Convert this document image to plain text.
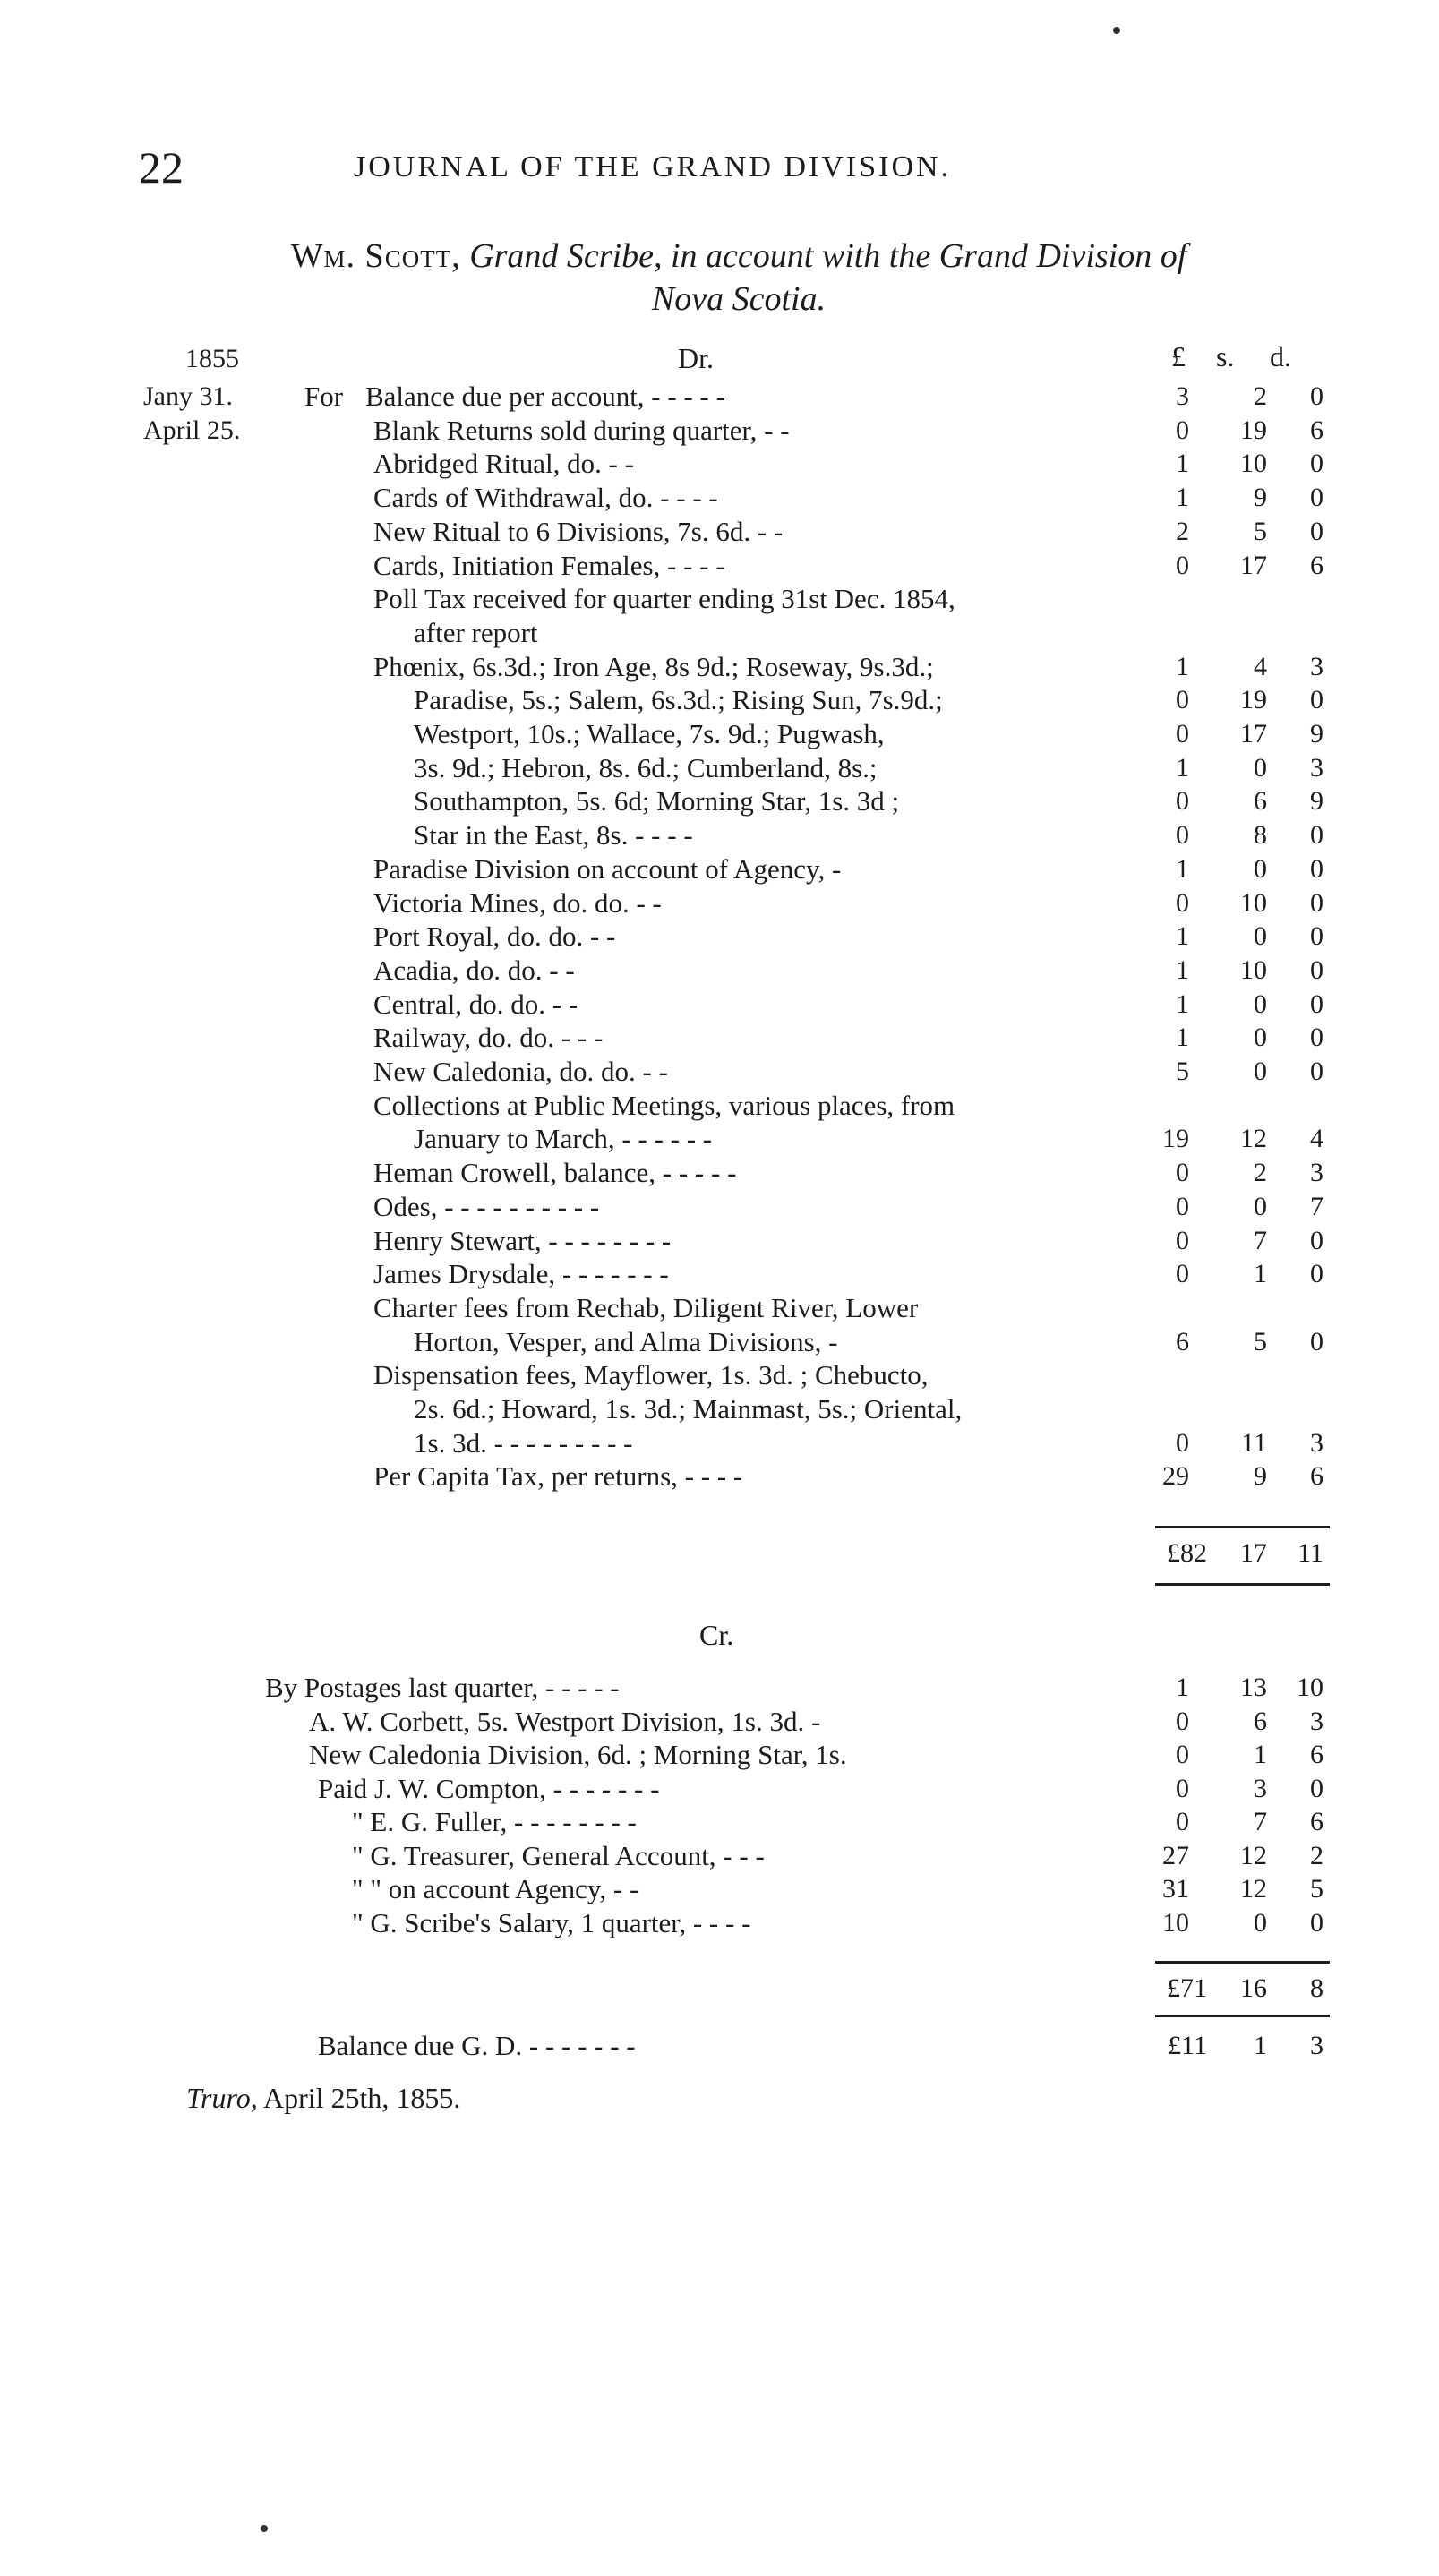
22	JOURNAL OF THE GRAND DIVISION.
Wm. Scott, Grand Scribe, in account with the Grand Division of
Nova Scotia.
1855	Dr.	£ s. d.
Jany 31.	For Balance due per account, - - - - -	3	2	0
April 25.	Blank Returns sold during quarter, - -	0	19	6
Abridged Ritual, do. - -	1	10	0
Cards of Withdrawal, do. - - - -	1	9	0
New Ritual to 6 Divisions, 7s. 6d. - -	2	5	0
Cards, Initiation Females, - - - -	0	17	6
Poll Tax received for quarter ending 31st Dec. 1854,
after report
Phœnix, 6s.3d.; Iron Age, 8s 9d.; Roseway, 9s.3d.;	1	4	3
Paradise, 5s.; Salem, 6s.3d.; Rising Sun, 7s.9d.;	0	19	0
Westport, 10s.; Wallace, 7s. 9d.; Pugwash,	0	17	9
3s. 9d.; Hebron, 8s. 6d.; Cumberland, 8s.;	1	0	3
Southampton, 5s. 6d; Morning Star, 1s. 3d ;	0	6	9
Star in the East, 8s. - - - -	0	8	0
Paradise Division on account of Agency, -	1	0	0
Victoria Mines, do. do. - -	0	10	0
Port Royal, do. do. - -	1	0	0
Acadia, do. do. - -	1	10	0
Central, do. do. - -	1	0	0
Railway, do. do. - - -	1	0	0
New Caledonia, do. do. - -	5	0	0
Collections at Public Meetings, various places, from
January to March, - - - - - -	19	12	4
Heman Crowell, balance, - - - - -	0	2	3
Odes, - - - - - - - - - -	0	0	7
Henry Stewart, - - - - - - - -	0	7	0
James Drysdale, - - - - - - -	0	1	0
Charter fees from Rechab, Diligent River, Lower
Horton, Vesper, and Alma Divisions, -	6	5	0
Dispensation fees, Mayflower, 1s. 3d. ; Chebucto,
2s. 6d.; Howard, 1s. 3d.; Mainmast, 5s.; Oriental,
1s. 3d. - - - - - - - - -	0	11	3
Per Capita Tax, per returns, - - - -	29	9	6
£82	17	11
Cr.
By Postages last quarter, - - - - -	1	13	10
A. W. Corbett, 5s. Westport Division, 1s. 3d. -	0	6	3
New Caledonia Division, 6d. ; Morning Star, 1s.	0	1	6
Paid J. W. Compton, - - - - - - -	0	3	0
" E. G. Fuller, - - - - - - - -	0	7	6
" G. Treasurer, General Account, - - -	27	12	2
" " on account Agency, - -	31	12	5
" G. Scribe's Salary, 1 quarter, - - - -	10	0	0
£71	16	8
Balance due G. D. - - - - - - -	£11	1	3
Truro, April 25th, 1855.
